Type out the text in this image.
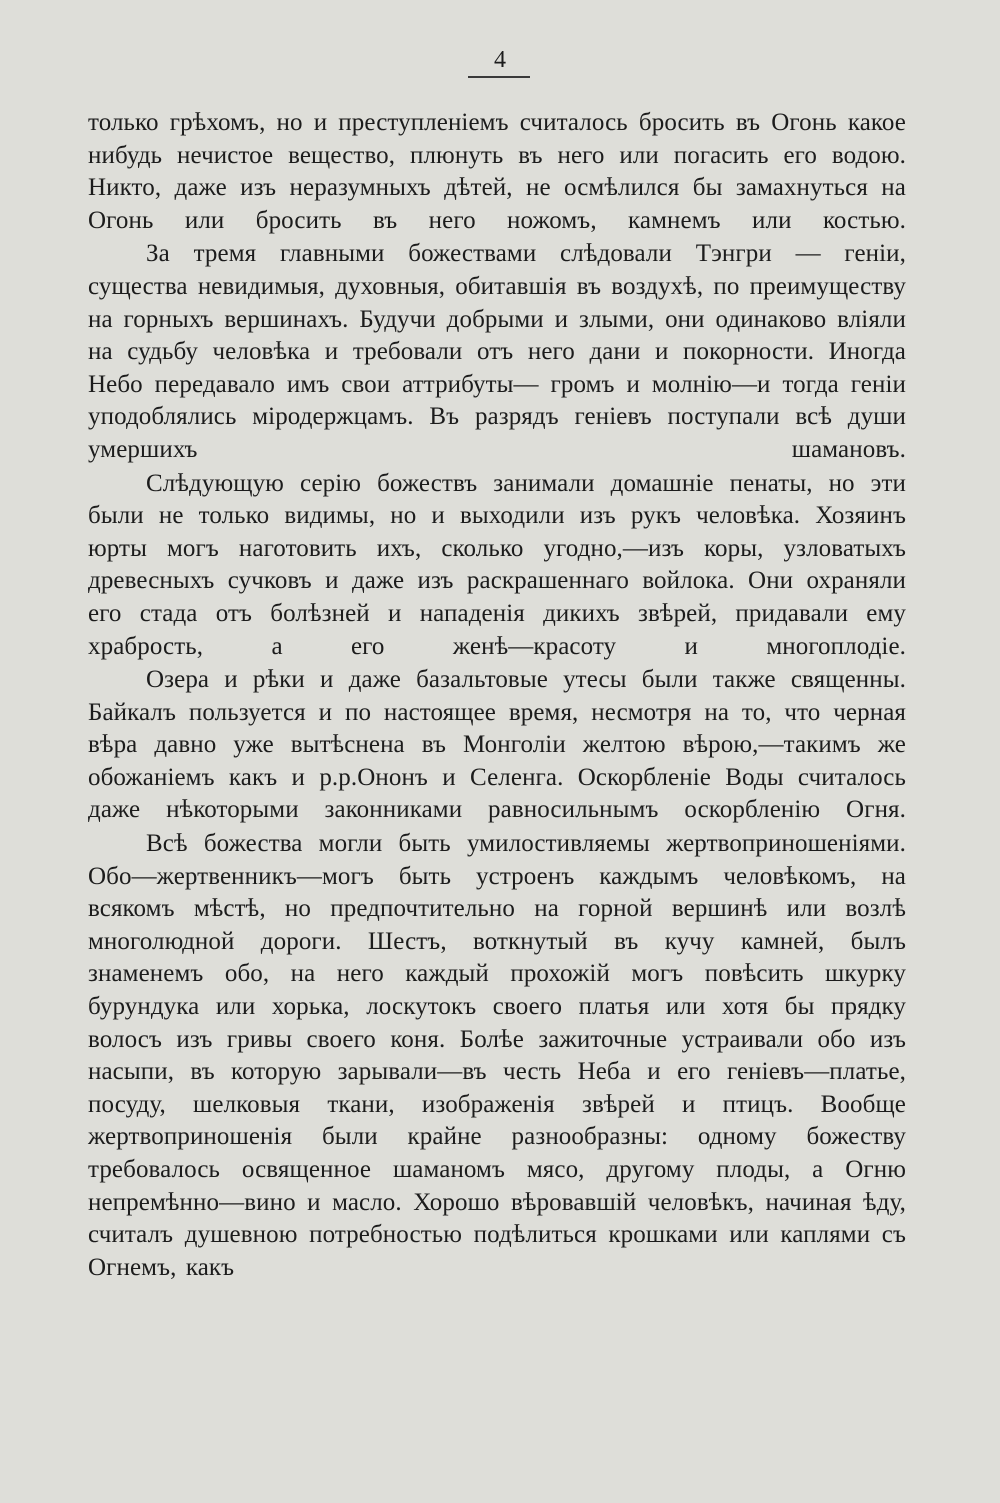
4

только грѣхомъ, но и преступленіемъ считалось бросить въ Огонь какое нибудь нечистое вещество, плюнуть въ него или погасить его водою. Никто, даже изъ неразумныхъ дѣтей, не осмѣлился бы замахнуться на Огонь или бросить въ него ножомъ, камнемъ или костью.

За тремя главными божествами слѣдовали Тэнгри — геніи, существа невидимыя, духовныя, обитавшія въ воздухѣ, по преимуществу на горныхъ вершинахъ. Будучи добрыми и злыми, они одинаково вліяли на судьбу человѣка и требовали отъ него дани и покорности. Иногда Небо передавало имъ свои аттрибуты— громъ и молнію—и тогда геніи уподоблялись міродержцамъ. Въ разрядъ геніевъ поступали всѣ души умершихъ шамановъ.

Слѣдующую серію божествъ занимали домашніе пенаты, но эти были не только видимы, но и выходили изъ рукъ человѣка. Хозяинъ юрты могъ наготовить ихъ, сколько угодно,—изъ коры, узловатыхъ древесныхъ сучковъ и даже изъ раскрашеннаго войлока. Они охраняли его стада отъ болѣзней и нападенія дикихъ звѣрей, придавали ему храбрость, а его женѣ—красоту и многоплодіе.

Озера и рѣки и даже базальтовые утесы были также священны. Байкалъ пользуется и по настоящее время, несмотря на то, что черная вѣра давно уже вытѣснена въ Монголіи желтою вѣрою,—такимъ же обожаніемъ какъ и р.р.Ононъ и Селенга. Оскорбленіе Воды считалось даже нѣкоторыми законниками равносильнымъ оскорбленію Огня.

Всѣ божества могли быть умилостивляемы жертвоприношеніями. Обо—жертвенникъ—могъ быть устроенъ каждымъ человѣкомъ, на всякомъ мѣстѣ, но предпочтительно на горной вершинѣ или возлѣ многолюдной дороги. Шестъ, воткнутый въ кучу камней, былъ знаменемъ обо, на него каждый прохожій могъ повѣсить шкурку бурундука или хорька, лоскутокъ своего платья или хотя бы прядку волосъ изъ гривы своего коня. Болѣе зажиточные устраивали обо изъ насыпи, въ которую зарывали—въ честь Неба и его геніевъ—платье, посуду, шелковыя ткани, изображенія звѣрей и птицъ. Вообще жертвоприношенія были крайне разнообразны: одному божеству требовалось освященное шаманомъ мясо, другому плоды, а Огню непремѣнно—вино и масло. Хорошо вѣровавшій человѣкъ, начиная ѣду, считалъ душевною потребностью подѣлиться крошками или каплями съ Огнемъ, какъ
